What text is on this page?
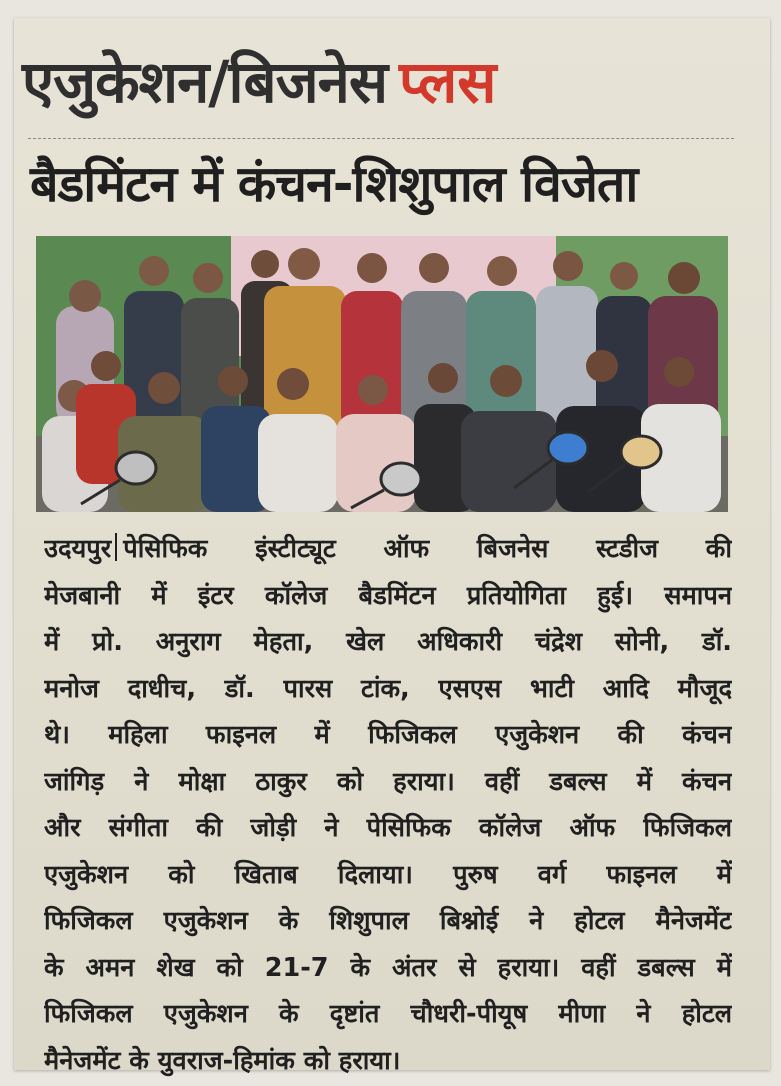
एजुकेशन/बिजनेस प्लस
बैडमिंटन में कंचन-शिशुपाल विजेता
उदयपुर पेसिफिक इंस्टीट्यूट ऑफ बिजनेस स्टडीज की
मेजबानी में इंटर कॉलेज बैडमिंटन प्रतियोगिता हुई। समापन
में प्रो. अनुराग मेहता, खेल अधिकारी चंद्रेश सोनी, डॉ.
मनोज दाधीच, डॉ. पारस टांक, एसएस भाटी आदि मौजूद
थे। महिला फाइनल में फिजिकल एजुकेशन की कंचन
जांगिड़ ने मोक्षा ठाकुर को हराया। वहीं डबल्स में कंचन
और संगीता की जोड़ी ने पेसिफिक कॉलेज ऑफ फिजिकल
एजुकेशन को खिताब दिलाया। पुरुष वर्ग फाइनल में
फिजिकल एजुकेशन के शिशुपाल बिश्नोई ने होटल मैनेजमेंट
के अमन शेख को 21-7 के अंतर से हराया। वहीं डबल्स में
फिजिकल एजुकेशन के दृष्टांत चौधरी-पीयूष मीणा ने होटल
मैनेजमेंट के युवराज-हिमांक को हराया।
